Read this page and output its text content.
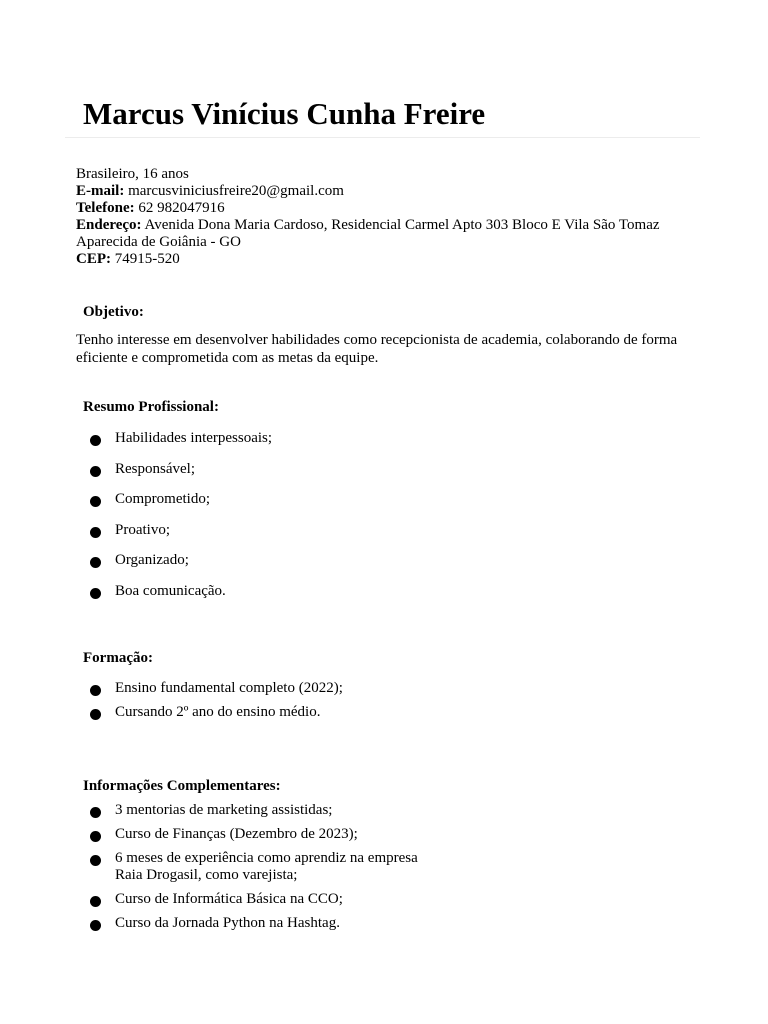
Marcus Vinícius Cunha Freire
Brasileiro, 16 anos
E-mail: marcusviniciusfreire20@gmail.com
Telefone: 62 982047916
Endereço: Avenida Dona Maria Cardoso, Residencial Carmel Apto 303 Bloco E Vila São Tomaz
Aparecida de Goiânia - GO
CEP: 74915-520
Objetivo:

Tenho interesse em desenvolver habilidades como recepcionista de academia, colaborando de forma eficiente e comprometida com as metas da equipe.

Resumo Profissional:
Habilidades interpessoais;
Responsável;
Comprometido;
Proativo;
Organizado;
Boa comunicação.
Formação:
Ensino fundamental completo (2022);
Cursando 2º ano do ensino médio.
Informações Complementares:
3 mentorias de marketing assistidas;
Curso de Finanças (Dezembro de 2023);
6 meses de experiência como aprendiz na empresa
Raia Drogasil, como varejista;
Curso de Informática Básica na CCO;
Curso da Jornada Python na Hashtag.
